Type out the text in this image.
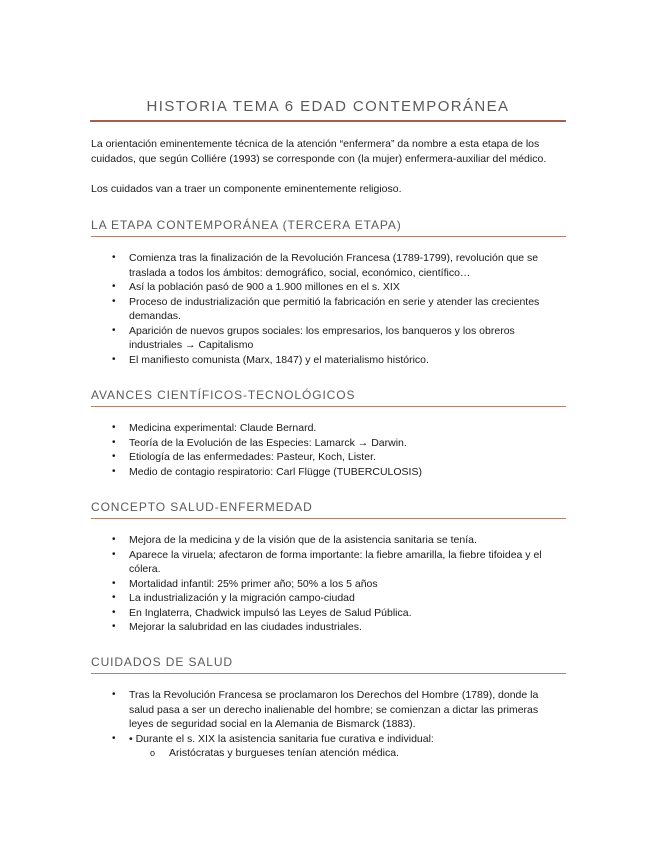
HISTORIA TEMA 6 EDAD CONTEMPORÁNEA

La orientación eminentemente técnica de la atención “enfermera” da nombre a esta etapa de los cuidados, que según Colliére (1993) se corresponde con (la mujer) enfermera-auxiliar del médico.

Los cuidados van a traer un componente eminentemente religioso.

LA ETAPA CONTEMPORÁNEA (TERCERA ETAPA)
• Comienza tras la finalización de la Revolución Francesa (1789-1799), revolución que se traslada a todos los ámbitos: demográfico, social, económico, científico…
• Así la población pasó de 900 a 1.900 millones en el s. XIX
• Proceso de industrialización que permitió la fabricación en serie y atender las crecientes demandas.
• Aparición de nuevos grupos sociales: los empresarios, los banqueros y los obreros industriales → Capitalismo
• El manifiesto comunista (Marx, 1847) y el materialismo histórico.
AVANCES CIENTÍFICOS-TECNOLÓGICOS
• Medicina experimental: Claude Bernard.
• Teoría de la Evolución de las Especies: Lamarck → Darwin.
• Etiología de las enfermedades: Pasteur, Koch, Lister.
• Medio de contagio respiratorio: Carl Flügge (TUBERCULOSIS)
CONCEPTO SALUD-ENFERMEDAD
• Mejora de la medicina y de la visión que de la asistencia sanitaria se tenía.
• Aparece la viruela; afectaron de forma importante: la fiebre amarilla, la fiebre tifoidea y el cólera.
• Mortalidad infantil: 25% primer año; 50% a los 5 años
• La industrialización y la migración campo-ciudad
• En Inglaterra, Chadwick impulsó las Leyes de Salud Pública.
• Mejorar la salubridad en las ciudades industriales.
CUIDADOS DE SALUD
• Tras la Revolución Francesa se proclamaron los Derechos del Hombre (1789), donde la salud pasa a ser un derecho inalienable del hombre; se comienzan a dictar las primeras leyes de seguridad social en la Alemania de Bismarck (1883).
• • Durante el s. XIX la asistencia sanitaria fue curativa e individual:
o Aristócratas y burgueses tenían atención médica.
